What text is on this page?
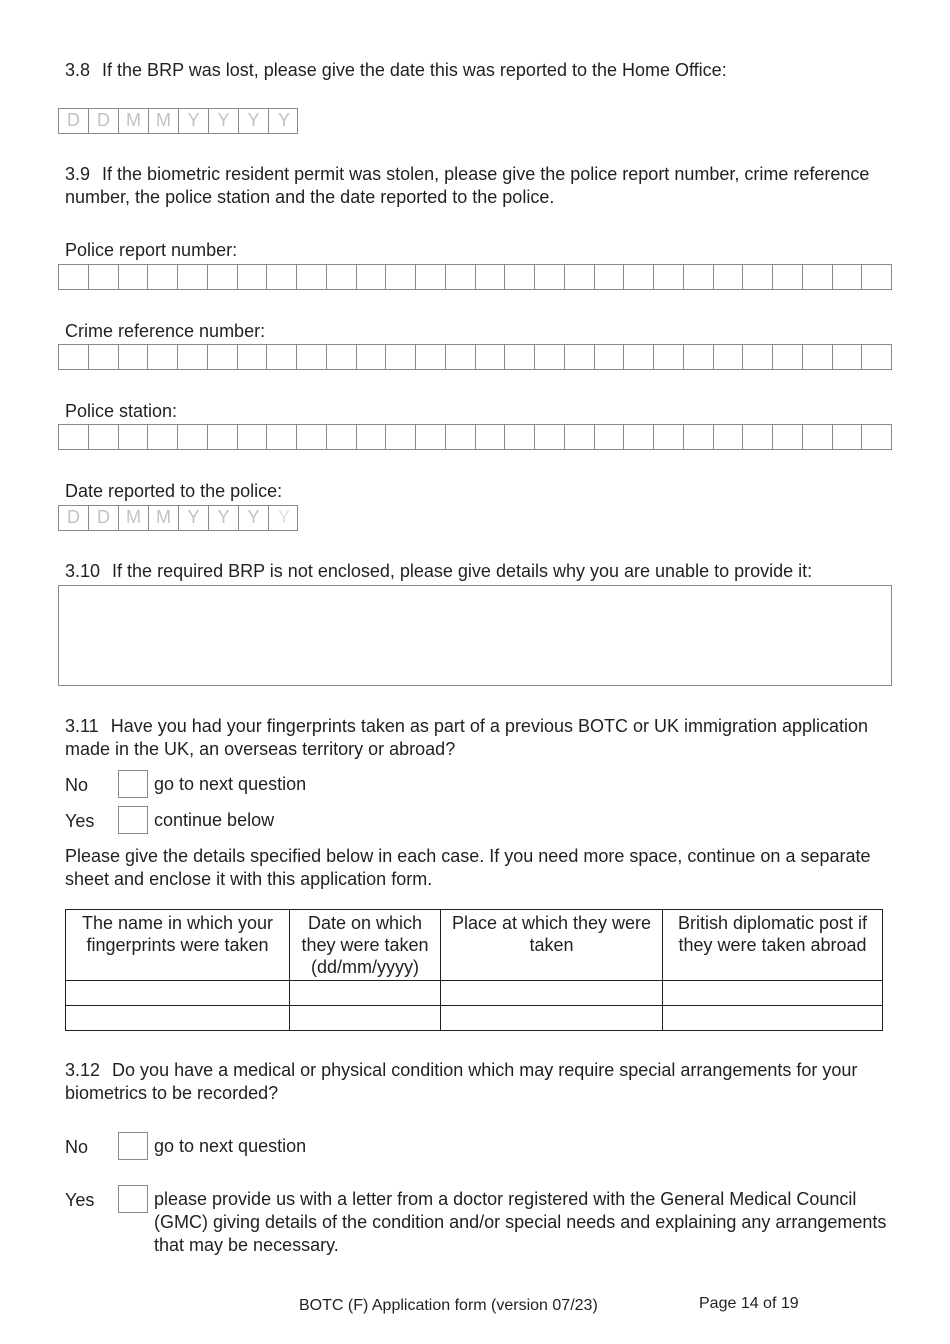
3.8 If the BRP was lost, please give the date this was reported to the Home Office:
D D M M Y Y Y	Y
3.9 If the biometric resident permit was stolen, please give the police report number, crime reference number, the police station and the date reported to the police.
Police report number:
Crime reference number:
Police station:
Date reported to the police:
D D M M Y Y Y	Y
3.10 If the required BRP is not enclosed, please give details why you are unable to provide it:
3.11 Have you had your fingerprints taken as part of a previous BOTC or UK immigration application made in the UK, an overseas territory or abroad?
No	go to next question
Yes	continue below
Please give the details specified below in each case. If you need more space, continue on a separate sheet and enclose it with this application form.
The name in which your fingerprints were taken	Date on which they were taken (dd/mm/yyyy)	Place at which they were taken	British diplomatic post if they were taken abroad

3.12 Do you have a medical or physical condition which may require special arrangements for your biometrics to be recorded?
No	go to next question
Yes	please provide us with a letter from a doctor registered with the General Medical Council (GMC) giving details of the condition and/or special needs and explaining any arrangements that may be necessary.
BOTC (F) Application form (version 07/23)	Page 14 of 19
